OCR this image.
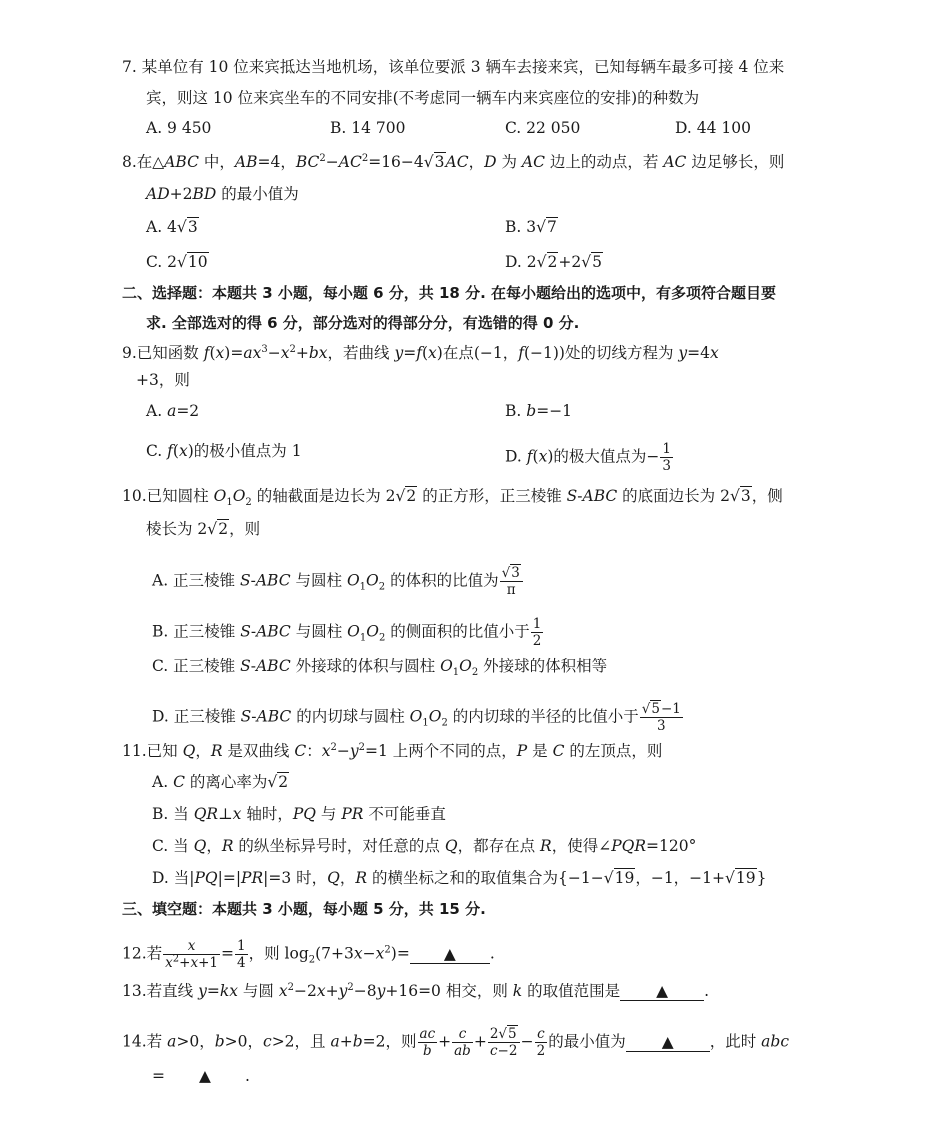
7. 某单位有 10 位来宾抵达当地机场，该单位要派 3 辆车去接来宾，已知每辆车最多可接 4 位来
宾，则这 10 位来宾坐车的不同安排(不考虑同一辆车内来宾座位的安排)的种数为
A. 9 450	B. 14 700	C. 22 050	D. 44 100
8.在△ABC 中，AB=4，$BC^2-AC^2=16-4√3AC$，D 为 AC 边上的动点，若 AC 边足够长，则
AD+2BD 的最小值为
A. 4√3	B. 3√7
C. 2√10	D. 2√2+2√5
二、选择题：本题共 3 小题，每小题 6 分，共 18 分. 在每小题给出的选项中，有多项符合题目要
求. 全部选对的得 6 分，部分选对的得部分分，有选错的得 0 分.
9.已知函数 $f(x)=ax^3-x^2+bx$，若曲线 y=f(x)在点(−1，f(−1))处的切线方程为 y=4x
+3，则
A. a=2	B. b=−1
C. f(x)的极小值点为 1	D. f(x)的极大值点为− $\frac{1}{3}$
10.已知圆柱 $O_1O_2$ 的轴截面是边长为 2√2 的正方形，正三棱锥 S-ABC 的底面边长为 2√3，侧
棱长为 2√2，则
A. 正三棱锥 S-ABC 与圆柱 $O_1O_2$ 的体积的比值为 $\frac{√3}{\pi}$
B. 正三棱锥 S-ABC 与圆柱 $O_1O_2$ 的侧面积的比值小于 $\frac{1}{2}$
C. 正三棱锥 S-ABC 外接球的体积与圆柱 $O_1O_2$ 外接球的体积相等
D. 正三棱锥 S-ABC 的内切球与圆柱 $O_1O_2$ 的内切球的半径的比值小于 $\frac{√5-1}{3}$
11.已知 Q，R 是双曲线 C：$x^2-y^2=1$ 上两个不同的点，P 是 C 的左顶点，则
A. C 的离心率为√2
B. 当 QR⊥x 轴时，PQ 与 PR 不可能垂直
C. 当 Q，R 的纵坐标异号时，对任意的点 Q，都存在点 R，使得∠PQR=120°
D. 当|PQ|=|PR|=3 时，Q，R 的横坐标之和的取值集合为{−1−√19，−1，−1+√19}
三、填空题：本题共 3 小题，每小题 5 分，共 15 分.
12.若 $\frac{x}{x^2+x+1} = \frac{1}{4}$ ，则 $\log_2(7+3x-x^2)=$ ▲ .
13.若直线 y=kx 与圆 $x^2-2x+y^2-8y+16=0$ 相交，则 k 的取值范围是 ▲ .
14.若 a>0，b>0，c>2，且 a+b=2，则 $\frac{ac}{b} + \frac{c}{ab} + \frac{2√5}{c-2} - \frac{c}{2}$ 的最小值为 ▲ ，此时 abc
= ▲ .
